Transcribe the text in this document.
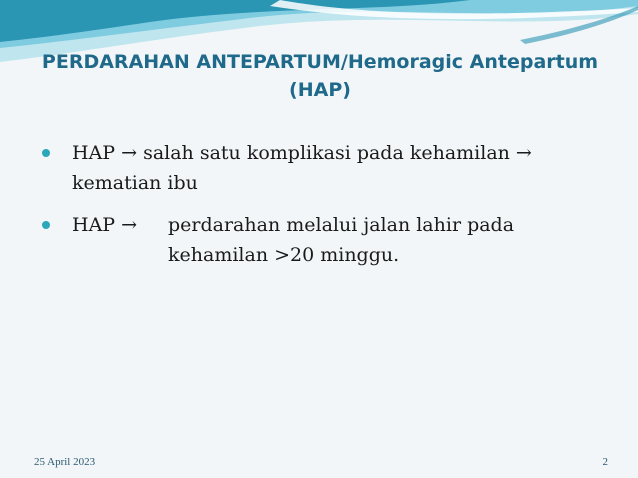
PERDARAHAN ANTEPARTUM/Hemoragic Antepartum
(HAP)
HAP → salah satu komplikasi pada kehamilan → kematian ibu
HAP →	perdarahan melalui jalan lahir pada kehamilan >20 minggu.
25 April 2023	2
